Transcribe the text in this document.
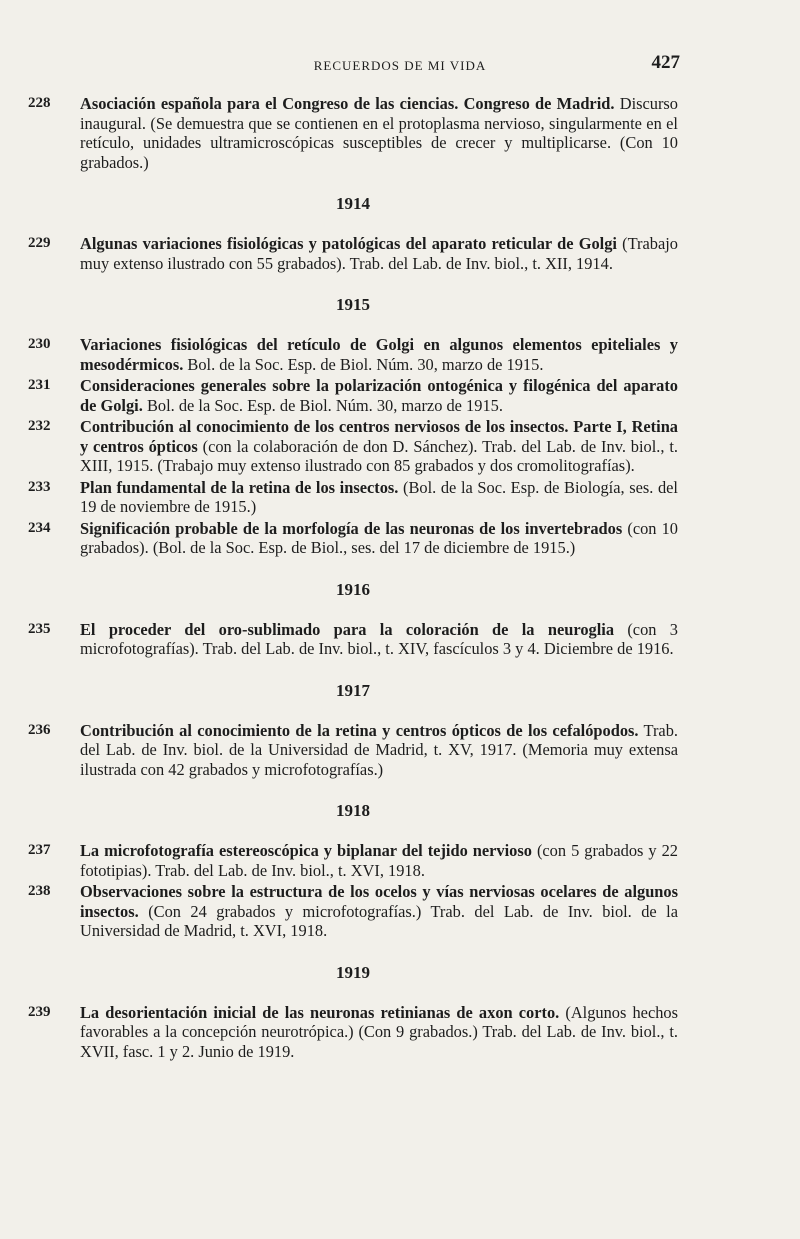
RECUERDOS DE MI VIDA	427
228	Asociación española para el Congreso de las ciencias. Congreso de Madrid. Discurso inaugural. (Se demuestra que se contienen en el protoplasma nervioso, singularmente en el retículo, unidades ultramicroscópicas susceptibles de crecer y multiplicarse. (Con 10 grabados.)
1914
229	Algunas variaciones fisiológicas y patológicas del aparato reticular de Golgi (Trabajo muy extenso ilustrado con 55 grabados). Trab. del Lab. de Inv. biol., t. XII, 1914.
1915
230	Variaciones fisiológicas del retículo de Golgi en algunos elementos epiteliales y mesodérmicos. Bol. de la Soc. Esp. de Biol. Núm. 30, marzo de 1915.
231	Consideraciones generales sobre la polarización ontogénica y filogénica del aparato de Golgi. Bol. de la Soc. Esp. de Biol. Núm. 30, marzo de 1915.
232	Contribución al conocimiento de los centros nerviosos de los insectos. Parte I, Retina y centros ópticos (con la colaboración de don D. Sánchez). Trab. del Lab. de Inv. biol., t. XIII, 1915. (Trabajo muy extenso ilustrado con 85 grabados y dos cromolitografías).
233	Plan fundamental de la retina de los insectos. (Bol. de la Soc. Esp. de Biología, ses. del 19 de noviembre de 1915.)
234	Significación probable de la morfología de las neuronas de los invertebrados (con 10 grabados). (Bol. de la Soc. Esp. de Biol., ses. del 17 de diciembre de 1915.)
1916
235	El proceder del oro-sublimado para la coloración de la neuroglia (con 3 microfotografías). Trab. del Lab. de Inv. biol., t. XIV, fascículos 3 y 4. Diciembre de 1916.
1917
236	Contribución al conocimiento de la retina y centros ópticos de los cefalópodos. Trab. del Lab. de Inv. biol. de la Universidad de Madrid, t. XV, 1917. (Memoria muy extensa ilustrada con 42 grabados y microfotografías.)
1918
237	La microfotografía estereoscópica y biplanar del tejido nervioso (con 5 grabados y 22 fototipias). Trab. del Lab. de Inv. biol., t. XVI, 1918.
238	Observaciones sobre la estructura de los ocelos y vías nerviosas ocelares de algunos insectos. (Con 24 grabados y microfotografías.) Trab. del Lab. de Inv. biol. de la Universidad de Madrid, t. XVI, 1918.
1919
239	La desorientación inicial de las neuronas retinianas de axon corto. (Algunos hechos favorables a la concepción neurotrópica.) (Con 9 grabados.) Trab. del Lab. de Inv. biol., t. XVII, fasc. 1 y 2. Junio de 1919.
